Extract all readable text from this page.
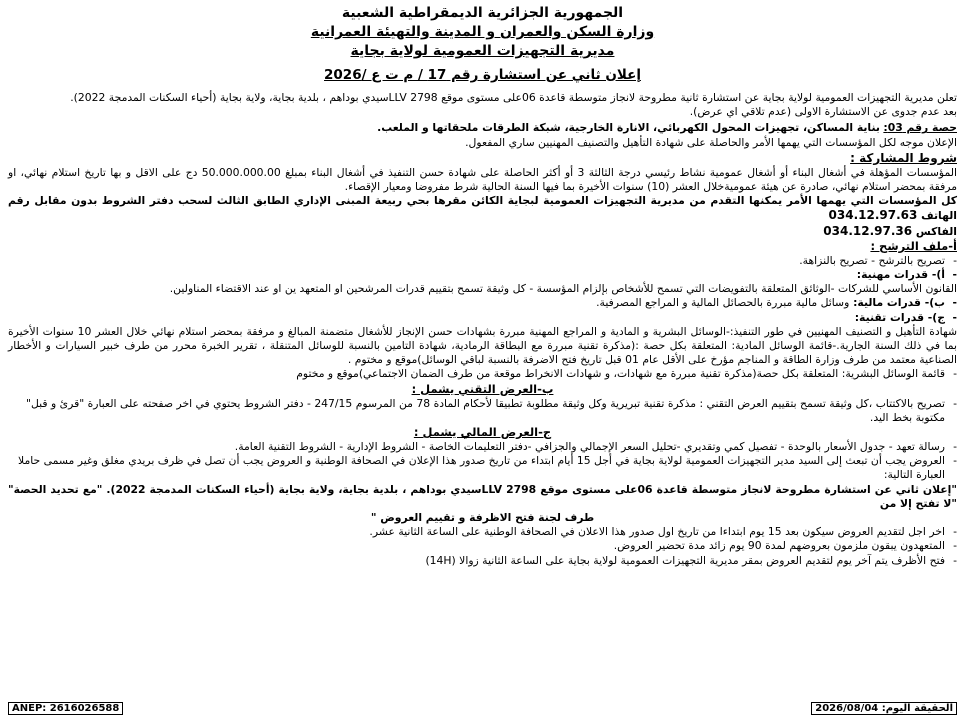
الجمهورية الجزائرية الديمقراطية الشعبية
وزارة السكن والعمران و المدينة والتهيئة العمرانية
مديرية التجهيزات العمومية لولاية بجاية
إعلان ثاني عن استشارة رقم 17 / م ت ع /2026
تعلن مديرية التجهيزات العمومية لولاية بجاية عن استشارة ثانية مطروحة لانجاز متوسطة قاعدة 06على مستوى موقع LLV 2798سيدي بوداهم ، بلدية بجاية، ولاية بجاية (أحياء السكنات المدمجة 2022).
بعد عدم جدوى عن الاستشارة الاولى (عدم تلاقي اي عرض).
حصة رقم 03: بناية المساكن، تجهيزات المحول الكهربائي، الانارة الخارجية، شبكة الطرقات ملحقاتها و الملعب.
الإعلان موجه لكل المؤسسات التي يهمها الأمر والحاصلة على شهادة التأهيل والتصنيف المهنيين ساري المفعول.
شروط المشاركة :
المؤسسات المؤهلة في أشغال البناء أو أشغال عمومية نشاط رئيسي درجة الثالثة 3 أو أكثر الحاصلة على شهادة حسن التنفيذ في أشغال البناء بمبلغ 50.000.000.00 دج على الاقل و بها تاريخ استلام نهائي، او مرفقة بمحضر استلام نهائي، صادرة عن هيئة عموميةخلال العشر (10) سنوات الأخيرة بما فيها السنة الحالية شرط مفروضا ومعيار الإقصاء.
كل المؤسسات التي يهمها الأمر يمكنها التقدم من مديرية التجهيزات العمومية لبجاية الكائن مقرها بحي ربيعة المبنى الإداري الطابق الثالث لسحب دفتر الشروط بدون مقابل رقم الهاتف 034.12.97.63
الفاكس 034.12.97.36
أ-ملف الترشح :
- تصريح بالترشح - تصريح بالنزاهة.
- أ)- قدرات مهنية:
القانون الأساسي للشركات -الوثائق المتعلقة بالتفويضات التي تسمح للأشخاص بإلزام المؤسسة - كل وثيقة تسمح بتقييم قدرات المرشحين او المتعهد ين او عند الاقتضاء المناولين.
- ب)- قدرات مالية: وسائل مالية مبررة بالحصائل المالية و المراجع المصرفية.
- ج)- قدرات تقنية:
شهادة التأهيل و التصنيف المهنيين في طور التنفيذ:-الوسائل البشرية و المادية و المراجع المهنية مبررة بشهادات حسن الإنجاز للأشغال متضمنة المبالغ و مرفقة بمحضر استلام نهائي خلال العشر 10 سنوات الأخيرة بما في ذلك السنة الجارية.-قائمة الوسائل المادية: المتعلقة بكل حصة :(مذكرة تقنية مبررة مع البطاقة الرمادية، شهادة التامين بالنسبة للوسائل المتنقلة ، تقرير الخبرة محرر من طرف خبير السيارات و الأخطار الصناعية معتمد من طرف وزارة الطاقة و المناجم مؤرخ على الأقل عام 01 قبل تاريخ فتح الاضرفة بالنسبة لباقي الوسائل)موقع و مختوم .
- قائمة الوسائل البشرية: المتعلقة بكل حصة(مذكرة تقنية مبررة مع شهادات، و شهادات الانخراط موقعة من طرف الضمان الاجتماعي)موقع و مختوم
ب-العرض التقني يشمل :
- تصريح بالاكتتاب ،كل وثيقة تسمح بتقييم العرض التقني : مذكرة تقنية تبريرية وكل وثيقة مطلوبة تطبيقا لأحكام المادة 78 من المرسوم 247/15 - دفتر الشروط يحتوي في اخر صفحته على العبارة "قرئ و قبل" مكتوبة بخط اليد.
ج-العرض المالي يشمل :
- رسالة تعهد - جدول الأسعار بالوحدة - تفصيل كمي وتقديري -تحليل السعر الإجمالي والجزافي -دفتر التعليمات الخاصة - الشروط الإدارية - الشروط التقنية العامة.
- العروض يجب أن تبعث إلى السيد مدير التجهيزات العمومية لولاية بجاية في أجل 15 أيام ابتداء من تاريخ صدور هذا الإعلان في الصحافة الوطنية و العروض يجب أن تصل في ظرف بريدي مغلق وغير مسمى حاملا العبارة التالية:
"إعلان ثاني عن استشارة مطروحة لانجاز متوسطة قاعدة 06على مستوى موقع LLV 2798سيدي بوداهم ، بلدية بجاية، ولاية بجاية (أحياء السكنات المدمجة 2022). "مع تحديد الحصة" "لا تفتح إلا من
طرف لجنة فتح الاظرفة و تقييم العروض "
- اخر اجل لتقديم العروض سيكون بعد 15 يوم ابتداءا من تاريخ اول صدور هذا الاعلان في الصحافة الوطنية على الساعة الثانية عشر.
- المتعهدون يبقون ملزمون بعروضهم لمدة 90 يوم زائد مدة تحضير العروض.
- فتح الأظرف يتم آخر يوم لتقديم العروض بمقر مديرية التجهيزات العمومية لولاية بجاية على الساعة الثانية زوالا (14H)
ANEP: 2616026588	الحقيقة اليوم: 2026/08/04
